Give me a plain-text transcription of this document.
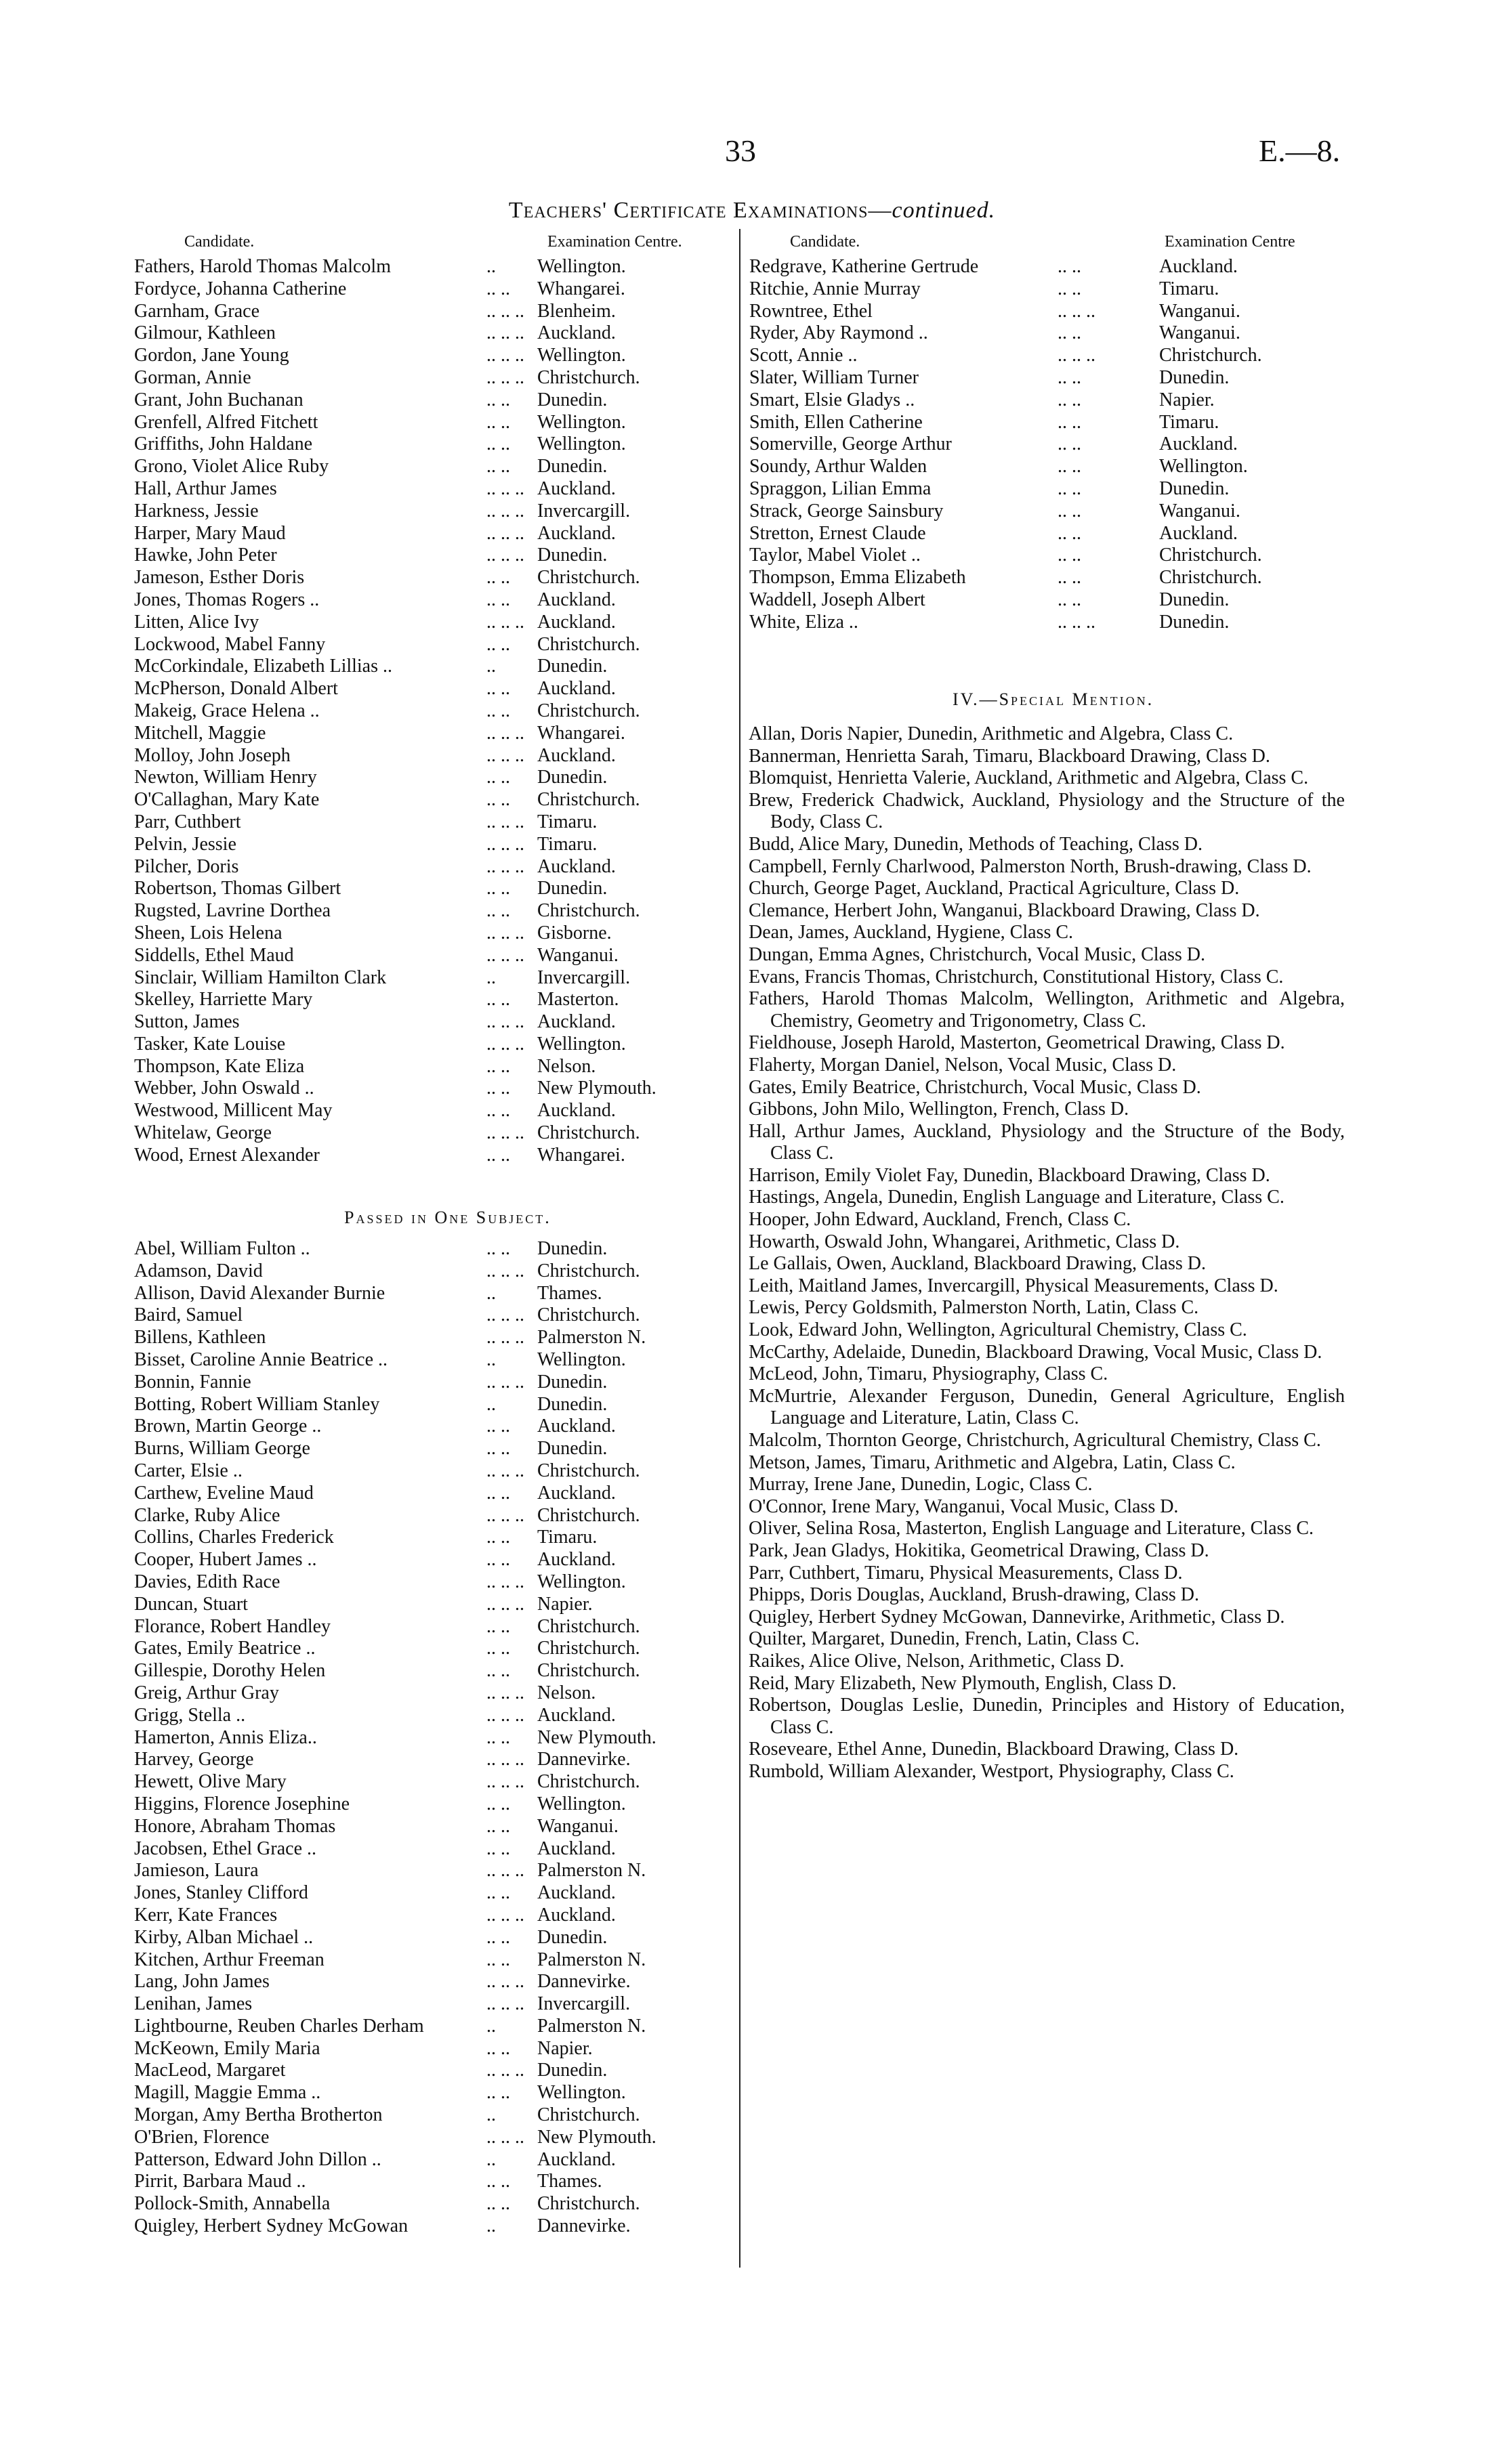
33	E.—8.
Teachers' Certificate Examinations—continued.
Candidate.	Examination Centre.
Fathers, Harold Thomas Malcolm	.. Wellington.
Fordyce, Johanna Catherine	.. .. Whangarei.
Garnham, Grace	.. .. .. Blenheim.
Gilmour, Kathleen	.. .. .. Auckland.
Gordon, Jane Young	.. .. .. Wellington.
Gorman, Annie	.. .. .. Christchurch.
Grant, John Buchanan	.. .. Dunedin.
Grenfell, Alfred Fitchett	.. .. Wellington.
Griffiths, John Haldane	.. .. Wellington.
Grono, Violet Alice Ruby	.. .. Dunedin.
Hall, Arthur James	.. .. .. Auckland.
Harkness, Jessie	.. .. .. Invercargill.
Harper, Mary Maud	.. .. .. Auckland.
Hawke, John Peter	.. .. .. Dunedin.
Jameson, Esther Doris	.. .. Christchurch.
Jones, Thomas Rogers ..	.. .. Auckland.
Litten, Alice Ivy	.. .. .. Auckland.
Lockwood, Mabel Fanny	.. .. Christchurch.
McCorkindale, Elizabeth Lillias ..	.. Dunedin.
McPherson, Donald Albert	.. .. Auckland.
Makeig, Grace Helena ..	.. .. Christchurch.
Mitchell, Maggie	.. .. .. Whangarei.
Molloy, John Joseph	.. .. .. Auckland.
Newton, William Henry	.. .. Dunedin.
O'Callaghan, Mary Kate	.. .. Christchurch.
Parr, Cuthbert	.. .. .. Timaru.
Pelvin, Jessie	.. .. .. Timaru.
Pilcher, Doris	.. .. .. Auckland.
Robertson, Thomas Gilbert	.. .. Dunedin.
Rugsted, Lavrine Dorthea	.. .. Christchurch.
Sheen, Lois Helena	.. .. .. Gisborne.
Siddells, Ethel Maud	.. .. .. Wanganui.
Sinclair, William Hamilton Clark	.. Invercargill.
Skelley, Harriette Mary	.. .. Masterton.
Sutton, James	.. .. .. Auckland.
Tasker, Kate Louise	.. .. .. Wellington.
Thompson, Kate Eliza	.. .. Nelson.
Webber, John Oswald ..	.. .. New Plymouth.
Westwood, Millicent May	.. .. Auckland.
Whitelaw, George	.. .. .. Christchurch.
Wood, Ernest Alexander	.. .. Whangarei.
Passed in One Subject.
Abel, William Fulton ..	.. .. Dunedin.
Adamson, David	.. .. .. Christchurch.
Allison, David Alexander Burnie	.. Thames.
Baird, Samuel	.. .. .. Christchurch.
Billens, Kathleen	.. .. .. Palmerston N.
Bisset, Caroline Annie Beatrice ..	.. Wellington.
Bonnin, Fannie	.. .. .. Dunedin.
Botting, Robert William Stanley	.. Dunedin.
Brown, Martin George ..	.. .. Auckland.
Burns, William George	.. .. Dunedin.
Carter, Elsie ..	.. .. .. Christchurch.
Carthew, Eveline Maud	.. .. Auckland.
Clarke, Ruby Alice	.. .. .. Christchurch.
Collins, Charles Frederick	.. .. Timaru.
Cooper, Hubert James ..	.. .. Auckland.
Davies, Edith Race	.. .. .. Wellington.
Duncan, Stuart	.. .. .. Napier.
Florance, Robert Handley	.. .. Christchurch.
Gates, Emily Beatrice ..	.. .. Christchurch.
Gillespie, Dorothy Helen	.. .. Christchurch.
Greig, Arthur Gray	.. .. .. Nelson.
Grigg, Stella ..	.. .. .. Auckland.
Hamerton, Annis Eliza..	.. .. New Plymouth.
Harvey, George	.. .. .. Dannevirke.
Hewett, Olive Mary	.. .. .. Christchurch.
Higgins, Florence Josephine	.. .. Wellington.
Honore, Abraham Thomas	.. .. Wanganui.
Jacobsen, Ethel Grace ..	.. .. Auckland.
Jamieson, Laura	.. .. .. Palmerston N.
Jones, Stanley Clifford	.. .. Auckland.
Kerr, Kate Frances	.. .. .. Auckland.
Kirby, Alban Michael ..	.. .. Dunedin.
Kitchen, Arthur Freeman	.. .. Palmerston N.
Lang, John James	.. .. .. Dannevirke.
Lenihan, James	.. .. .. Invercargill.
Lightbourne, Reuben Charles Derham	.. Palmerston N.
McKeown, Emily Maria	.. .. Napier.
MacLeod, Margaret	.. .. .. Dunedin.
Magill, Maggie Emma ..	.. .. Wellington.
Morgan, Amy Bertha Brotherton	.. Christchurch.
O'Brien, Florence	.. .. .. New Plymouth.
Patterson, Edward John Dillon ..	.. Auckland.
Pirrit, Barbara Maud ..	.. .. Thames.
Pollock-Smith, Annabella	.. .. Christchurch.
Quigley, Herbert Sydney McGowan	.. Dannevirke.
Candidate.	Examination Centre
Redgrave, Katherine Gertrude	.. ..	Auckland.
Ritchie, Annie Murray	.. ..	Timaru.
Rowntree, Ethel	.. .. ..	Wanganui.
Ryder, Aby Raymond ..	.. ..	Wanganui.
Scott, Annie ..	.. .. ..	Christchurch.
Slater, William Turner	.. ..	Dunedin.
Smart, Elsie Gladys ..	.. ..	Napier.
Smith, Ellen Catherine	.. ..	Timaru.
Somerville, George Arthur	.. ..	Auckland.
Soundy, Arthur Walden	.. ..	Wellington.
Spraggon, Lilian Emma	.. ..	Dunedin.
Strack, George Sainsbury	.. ..	Wanganui.
Stretton, Ernest Claude	.. ..	Auckland.
Taylor, Mabel Violet ..	.. ..	Christchurch.
Thompson, Emma Elizabeth	.. ..	Christchurch.
Waddell, Joseph Albert	.. ..	Dunedin.
White, Eliza ..	.. .. ..	Dunedin.
IV.—Special Mention.
Allan, Doris Napier, Dunedin, Arithmetic and Algebra, Class C.
Bannerman, Henrietta Sarah, Timaru, Blackboard Drawing, Class D.
Blomquist, Henrietta Valerie, Auckland, Arithmetic and Algebra, Class C.
Brew, Frederick Chadwick, Auckland, Physiology and the Structure of the Body, Class C.
Budd, Alice Mary, Dunedin, Methods of Teaching, Class D.
Campbell, Fernly Charlwood, Palmerston North, Brush-drawing, Class D.
Church, George Paget, Auckland, Practical Agriculture, Class D.
Clemance, Herbert John, Wanganui, Blackboard Drawing, Class D.
Dean, James, Auckland, Hygiene, Class C.
Dungan, Emma Agnes, Christchurch, Vocal Music, Class D.
Evans, Francis Thomas, Christchurch, Constitutional History, Class C.
Fathers, Harold Thomas Malcolm, Wellington, Arithmetic and Algebra, Chemistry, Geometry and Trigonometry, Class C.
Fieldhouse, Joseph Harold, Masterton, Geometrical Drawing, Class D.
Flaherty, Morgan Daniel, Nelson, Vocal Music, Class D.
Gates, Emily Beatrice, Christchurch, Vocal Music, Class D.
Gibbons, John Milo, Wellington, French, Class D.
Hall, Arthur James, Auckland, Physiology and the Structure of the Body, Class C.
Harrison, Emily Violet Fay, Dunedin, Blackboard Drawing, Class D.
Hastings, Angela, Dunedin, English Language and Literature, Class C.
Hooper, John Edward, Auckland, French, Class C.
Howarth, Oswald John, Whangarei, Arithmetic, Class D.
Le Gallais, Owen, Auckland, Blackboard Drawing, Class D.
Leith, Maitland James, Invercargill, Physical Measurements, Class D.
Lewis, Percy Goldsmith, Palmerston North, Latin, Class C.
Look, Edward John, Wellington, Agricultural Chemistry, Class C.
McCarthy, Adelaide, Dunedin, Blackboard Drawing, Vocal Music, Class D.
McLeod, John, Timaru, Physiography, Class C.
McMurtrie, Alexander Ferguson, Dunedin, General Agriculture, English Language and Literature, Latin, Class C.
Malcolm, Thornton George, Christchurch, Agricultural Chemistry, Class C.
Metson, James, Timaru, Arithmetic and Algebra, Latin, Class C.
Murray, Irene Jane, Dunedin, Logic, Class C.
O'Connor, Irene Mary, Wanganui, Vocal Music, Class D.
Oliver, Selina Rosa, Masterton, English Language and Literature, Class C.
Park, Jean Gladys, Hokitika, Geometrical Drawing, Class D.
Parr, Cuthbert, Timaru, Physical Measurements, Class D.
Phipps, Doris Douglas, Auckland, Brush-drawing, Class D.
Quigley, Herbert Sydney McGowan, Dannevirke, Arithmetic, Class D.
Quilter, Margaret, Dunedin, French, Latin, Class C.
Raikes, Alice Olive, Nelson, Arithmetic, Class D.
Reid, Mary Elizabeth, New Plymouth, English, Class D.
Robertson, Douglas Leslie, Dunedin, Principles and History of Education, Class C.
Roseveare, Ethel Anne, Dunedin, Blackboard Drawing, Class D.
Rumbold, William Alexander, Westport, Physiography, Class C.
